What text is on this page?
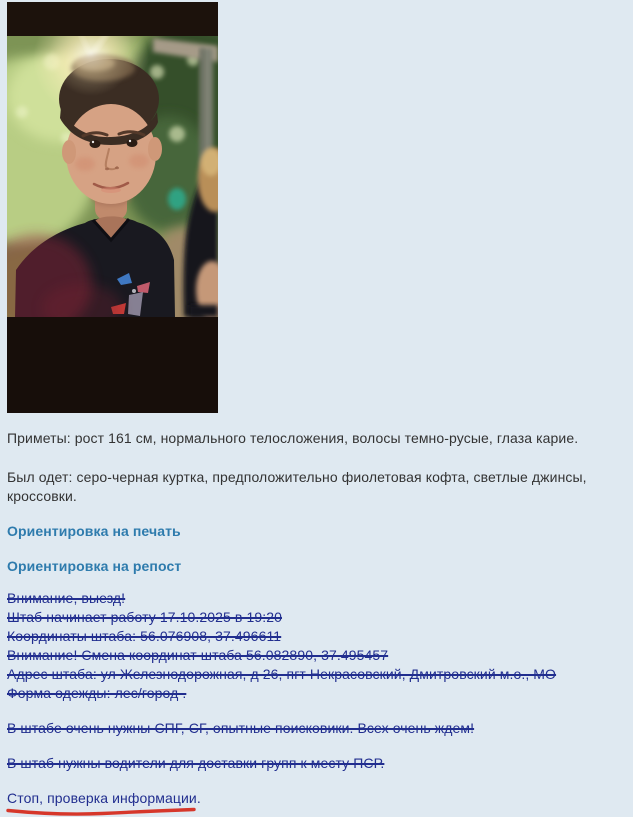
Приметы: рост 161 см, нормального телосложения, волосы темно-русые, глаза карие.

Был одет: серо-черная куртка, предположительно фиолетовая кофта, светлые джинсы, кроссовки.

Ориентировка на печать

Ориентировка на репост

Внимание, выезд!
Штаб начинает работу 17.10.2025 в 19:20
Координаты штаба: 56.076908, 37.496611
Внимание! Смена координат штаба 56.082890, 37.495457
Адрес штаба: ул Железнодорожная, д 26, пгт Некрасовский, Дмитровский м.о., МО
Форма одежды: лес/город .

В штабе очень нужны СПГ, СГ, опытные поисковики. Всех очень ждем!

В штаб нужны водители для доставки групп к месту ПСР.

Стоп, проверка информации.
